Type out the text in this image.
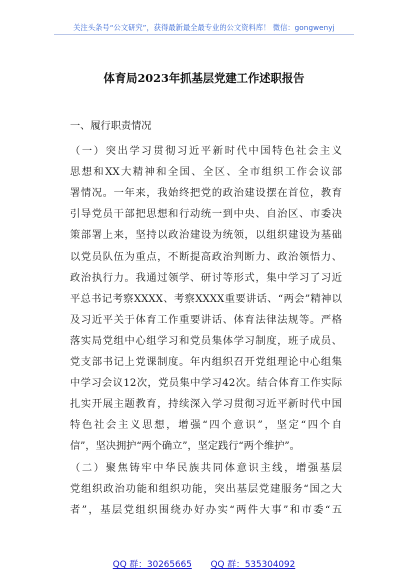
关注头条号“公文研究”，获得最新最全最专业的公文资料库！ 微信：gongwenyj
体育局2023年抓基层党建工作述职报告
一、履行职责情况
（一）突出学习贯彻习近平新时代中国特色社会主义
思想和XX大精神和全国、全区、全市组织工作会议部
署情况。一年来，我始终把党的政治建设摆在首位，教育
引导党员干部把思想和行动统一到中央、自治区、市委决
策部署上来，坚持以政治建设为统领，以组织建设为基础
以党员队伍为重点，不断提高政治判断力、政治领悟力、
政治执行力。我通过领学、研讨等形式，集中学习了习近
平总书记考察XXXX、考察XXXX重要讲话、“两会”精神以
及习近平关于体育工作重要讲话、体育法律法规等。严格
落实局党组中心组学习和党员集体学习制度，班子成员、
党支部书记上党课制度。年内组织召开党组理论中心组集
中学习会议12次，党员集中学习42次。结合体育工作实际
扎实开展主题教育，持续深入学习贯彻习近平新时代中国
特色社会主义思想，增强“四个意识”，坚定“四个自
信”，坚决拥护“两个确立”，坚定践行“两个维护”。
（二）聚焦铸牢中华民族共同体意识主线，增强基层
党组织政治功能和组织功能，突出基层党建服务“国之大
者”，基层党组织围绕办好办实“两件大事”和市委“五
QQ 群：30265665 QQ 群：535304092
